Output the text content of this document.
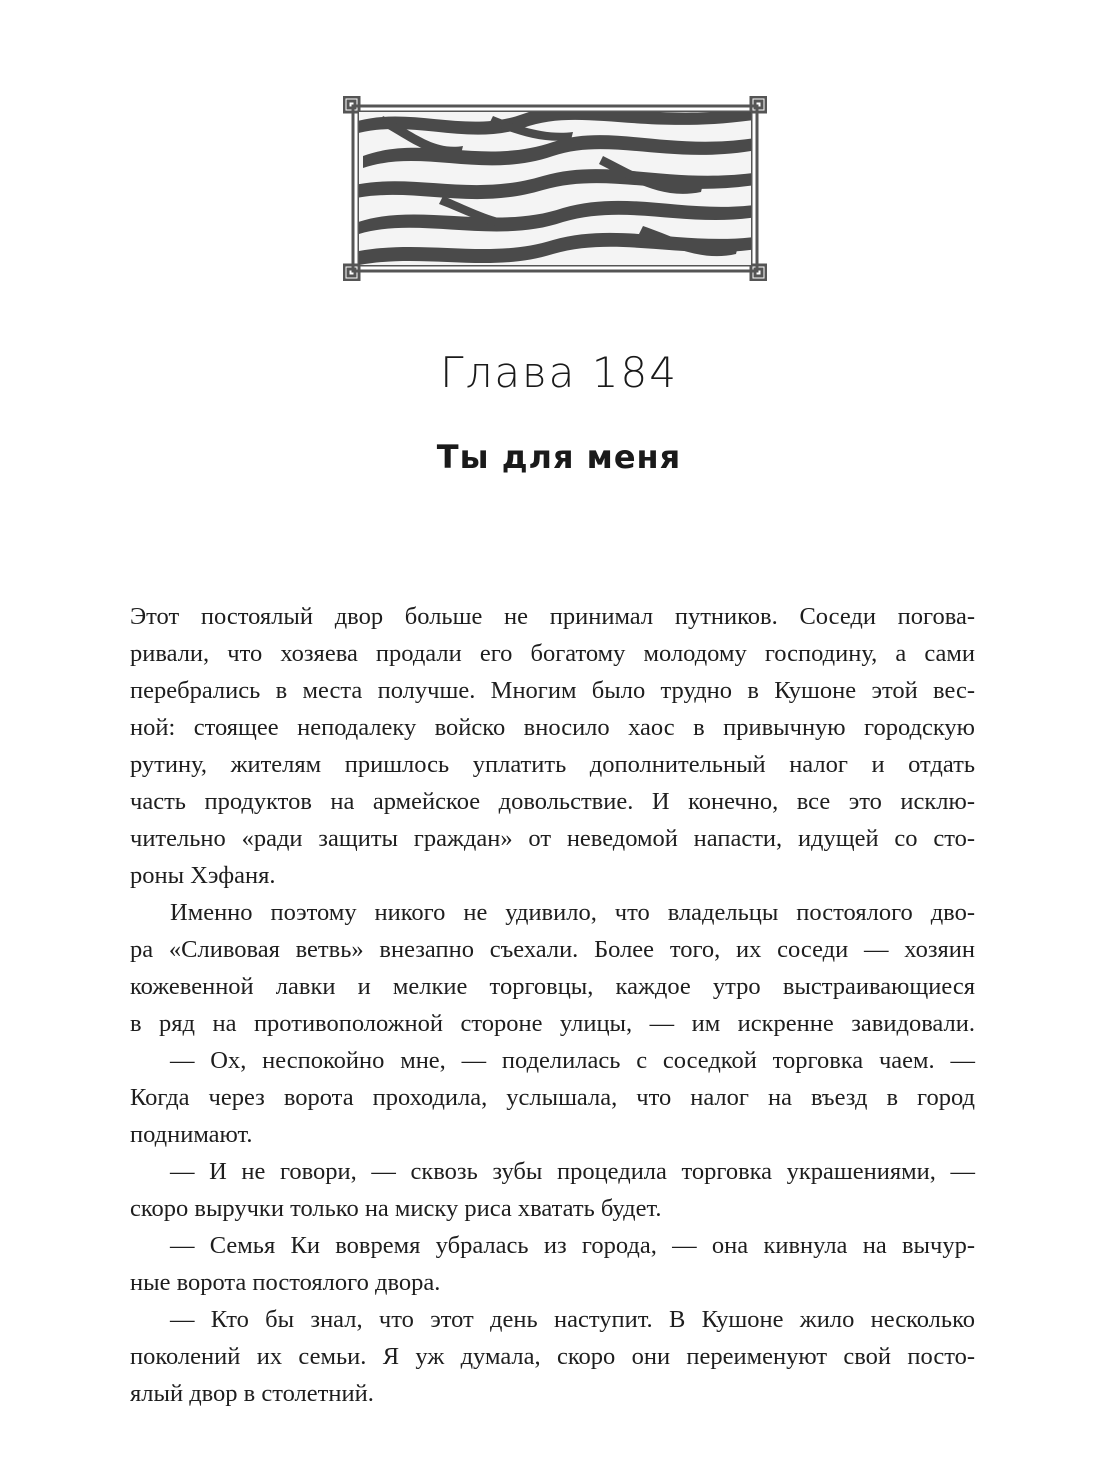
Глава 184
Ты для меня

Этот постоялый двор больше не принимал путников. Соседи погова-
ривали, что хозяева продали его богатому молодому господину, а сами
перебрались в места получше. Многим было трудно в Кушоне этой вес-
ной: стоящее неподалеку войско вносило хаос в привычную городскую
рутину, жителям пришлось уплатить дополнительный налог и отдать
часть продуктов на армейское довольствие. И конечно, все это исклю-
чительно «ради защиты граждан» от неведомой напасти, идущей со сто-
роны Хэфаня.

Именно поэтому никого не удивило, что владельцы постоялого дво-
ра «Сливовая ветвь» внезапно съехали. Более того, их соседи — хозяин
кожевенной лавки и мелкие торговцы, каждое утро выстраивающиеся
в ряд на противоположной стороне улицы, — им искренне завидовали.

— Ох, неспокойно мне, — поделилась с соседкой торговка чаем. —
Когда через ворота проходила, услышала, что налог на въезд в город
поднимают.

— И не говори, — сквозь зубы процедила торговка украшениями, —
скоро выручки только на миску риса хватать будет.

— Семья Ки вовремя убралась из города, — она кивнула на вычур-
ные ворота постоялого двора.

— Кто бы знал, что этот день наступит. В Кушоне жило несколько
поколений их семьи. Я уж думала, скоро они переименуют свой посто-
ялый двор в столетний.
